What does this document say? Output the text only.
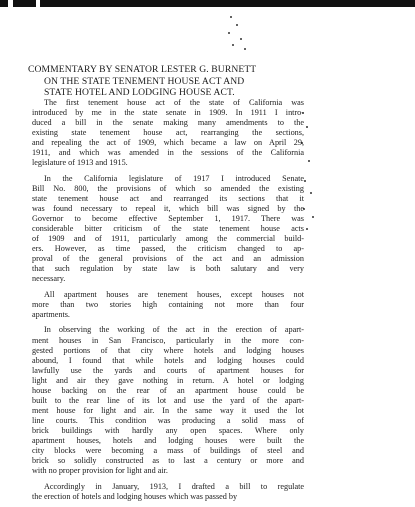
COMMENTARY BY SENATOR LESTER G. BURNETT
ON THE STATE TENEMENT HOUSE ACT AND
STATE HOTEL AND LODGING HOUSE ACT.

The first tenement house act of the state of California was
introduced by me in the state senate in 1909. In 1911 I intro-
duced a bill in the senate making many amendments to the
existing state tenement house act, rearranging the sections,
and repealing the act of 1909, which became a law on April 29,
1911, and which was amended in the sessions of the California
legislature of 1913 and 1915.

In the California legislature of 1917 I introduced Senate
Bill No. 800, the provisions of which so amended the existing
state tenement house act and rearranged its sections that it
was found necessary to repeal it, which bill was signed by the
Governor to become effective September 1, 1917. There was
considerable bitter criticism of the state tenement house acts
of 1909 and of 1911, particularly among the commercial build-
ers. However, as time passed, the criticism changed to ap-
proval of the general provisions of the act and an admission
that such regulation by state law is both salutary and very
necessary.

All apartment houses are tenement houses, except houses not
more than two stories high containing not more than four
apartments.

In observing the working of the act in the erection of apart-
ment houses in San Francisco, particularly in the more con-
gested portions of that city where hotels and lodging houses
abound, I found that while hotels and lodging houses could
lawfully use the yards and courts of apartment houses for
light and air they gave nothing in return. A hotel or lodging
house backing on the rear of an apartment house could be
built to the rear line of its lot and use the yard of the apart-
ment house for light and air. In the same way it used the lot
line courts. This condition was producing a solid mass of
brick buildings with hardly any open spaces. Where only
apartment houses, hotels and lodging houses were built the
city blocks were becoming a mass of buildings of steel and
brick so solidly constructed as to last a century or more and
with no proper provision for light and air.

Accordingly in January, 1913, I drafted a bill to regulate
the erection of hotels and lodging houses which was passed by
